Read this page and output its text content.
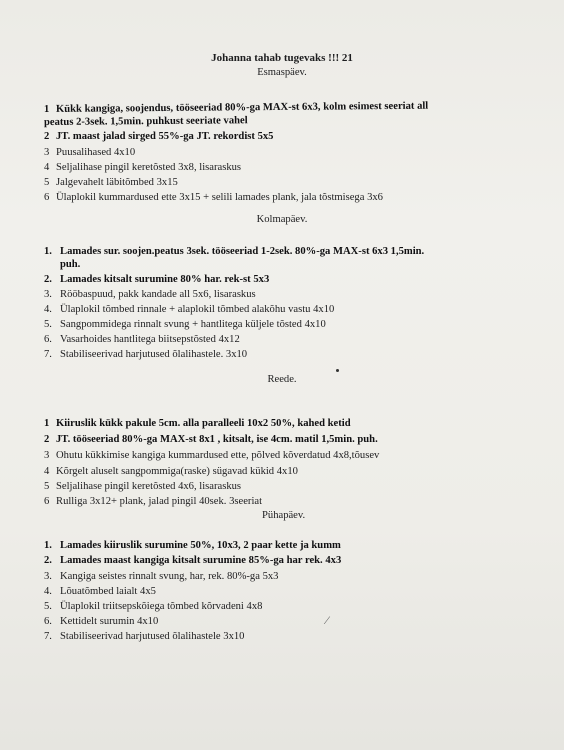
Johanna tahab tugevaks !!! 21
Esmaspäev.
1 Kükk kangiga, soojendus, tööseeriad 80%-ga MAX-st 6x3, kolm esimest seeriat all
peatus 2-3sek. 1,5min. puhkust seeriate vahel
2 JT. maast jalad sirged 55%-ga JT. rekordist 5x5
3 Puusalihased 4x10
4 Seljalihase pingil keretõsted 3x8, lisaraskus
5 Jalgevahelt läbitõmbed 3x15
6 Ülaplokil kummardused ette 3x15 + selili lamades plank, jala tõstmisega 3x6
Kolmapäev.
1. Lamades sur. soojen.peatus 3sek. tööseeriad 1-2sek. 80%-ga MAX-st 6x3 1,5min.
puh.
2. Lamades kitsalt surumine 80% har. rek-st 5x3
3. Rööbaspuud, pakk kandade all 5x6, lisaraskus
4. Ülaplokil tõmbed rinnale + alaplokil tõmbed alakõhu vastu 4x10
5. Sangpommidega rinnalt svung + hantlitega küljele tõsted 4x10
6. Vasarhoides hantlitega biitsepstõsted 4x12
7. Stabiliseerivad harjutused õlalihastele. 3x10
Reede.
1 Kiiruslik kükk pakule 5cm. alla paralleeli 10x2 50%, kahed ketid
2 JT. tööseeriad 80%-ga MAX-st 8x1 , kitsalt, ise 4cm. matil 1,5min. puh.
3 Ohutu kükkimise kangiga kummardused ette, põlved kõverdatud 4x8,tõusev
4 Kõrgelt aluselt sangpommiga(raske) sügavad kükid 4x10
5 Seljalihase pingil keretõsted 4x6, lisaraskus
6 Rulliga 3x12+ plank, jalad pingil 40sek. 3seeriat
Pühapäev.
1. Lamades kiiruslik surumine 50%, 10x3, 2 paar kette ja kumm
2. Lamades maast kangiga kitsalt surumine 85%-ga har rek. 4x3
3. Kangiga seistes rinnalt svung, har, rek. 80%-ga 5x3
4. Lõuatõmbed laialt 4x5
5. Ülaplokil triitsepskõiega tõmbed kõrvadeni 4x8
6. Kettidelt surumin 4x10
7. Stabiliseerivad harjutused õlalihastele 3x10
⁄
